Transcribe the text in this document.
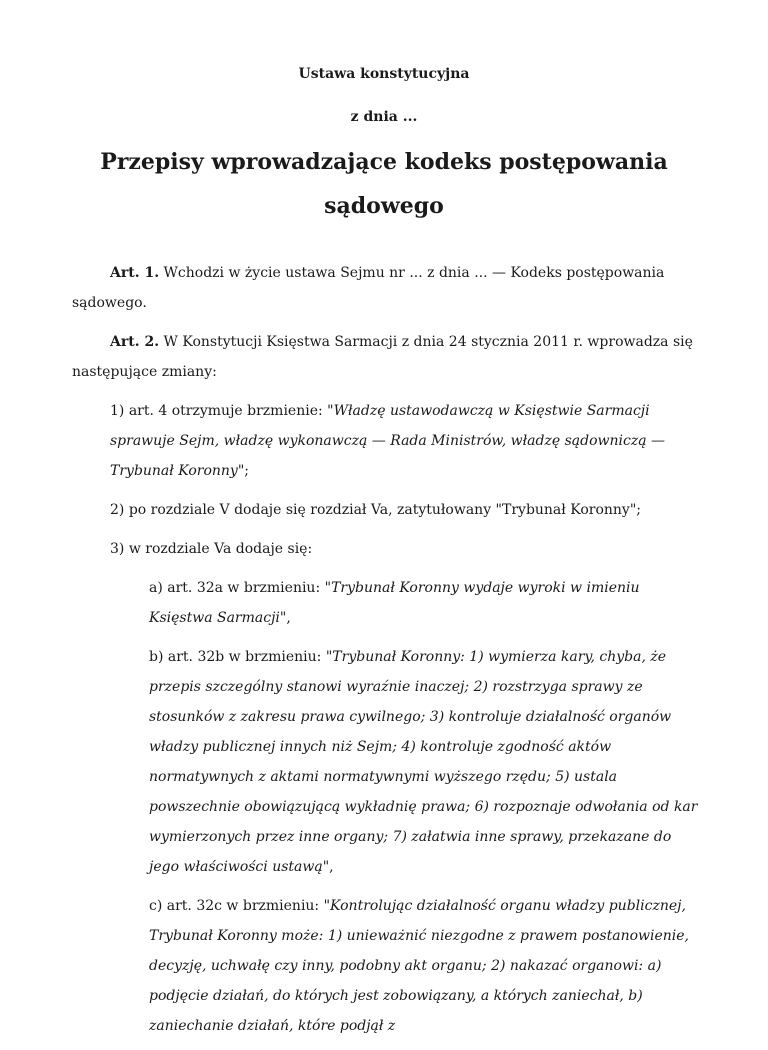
Ustawa konstytucyjna
z dnia ...
Przepisy wprowadzające kodeks postępowania sądowego

Art. 1. Wchodzi w życie ustawa Sejmu nr ... z dnia ... — Kodeks postępowania sądowego.

Art. 2. W Konstytucji Księstwa Sarmacji z dnia 24 stycznia 2011 r. wprowadza się następujące zmiany:

1) art. 4 otrzymuje brzmienie: "Władzę ustawodawczą w Księstwie Sarmacji sprawuje Sejm, władzę wykonawczą — Rada Ministrów, władzę sądowniczą — Trybunał Koronny";

2) po rozdziale V dodaje się rozdział Va, zatytułowany "Trybunał Koronny";

3) w rozdziale Va dodaje się:

a) art. 32a w brzmieniu: "Trybunał Koronny wydaje wyroki w imieniu Księstwa Sarmacji",

b) art. 32b w brzmieniu: "Trybunał Koronny: 1) wymierza kary, chyba, że przepis szczególny stanowi wyraźnie inaczej; 2) rozstrzyga sprawy ze stosunków z zakresu prawa cywilnego; 3) kontroluje działalność organów władzy publicznej innych niż Sejm; 4) kontroluje zgodność aktów normatywnych z aktami normatywnymi wyższego rzędu; 5) ustala powszechnie obowiązującą wykładnię prawa; 6) rozpoznaje odwołania od kar wymierzonych przez inne organy; 7) załatwia inne sprawy, przekazane do jego właściwości ustawą",

c) art. 32c w brzmieniu: "Kontrolując działalność organu władzy publicznej, Trybunał Koronny może: 1) unieważnić niezgodne z prawem postanowienie, decyzję, uchwałę czy inny, podobny akt organu; 2) nakazać organowi: a) podjęcie działań, do których jest zobowiązany, a których zaniechał, b) zaniechanie działań, które podjął z
